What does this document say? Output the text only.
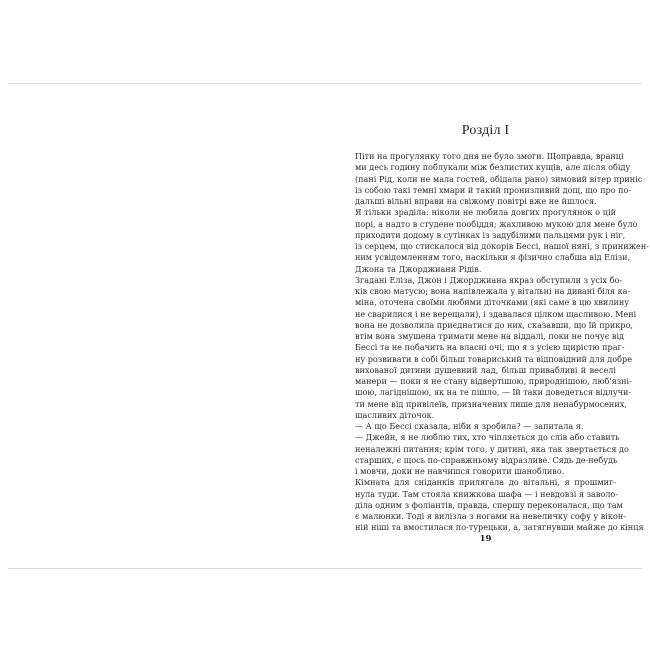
Розділ І
Піти на прогулянку того дня не було змоги. Щоправда, вранці
ми десь годину поблукали між безлистих кущів, але після обіду
(пані Рід, коли не мала гостей, обідала рано) зимовий вітер приніс
із собою такі темні хмари й такий пронизливий дощ, що про по-
дальші вільні вправи на свіжому повітрі вже не йшлося.
Я тільки зраділа: ніколи не любила довгих прогулянок о цій
порі, а надто в студене пообіддя; жахливою мукою для мене було
приходити додому в сутінках із задубілими пальцями рук і ніг,
із серцем, що стискалося від докорів Бессі, нашої няні, з принижен-
ним усвідомленням того, наскільки я фізично слабша від Елізи,
Джона та Джорджиани Рідів.
Згадані Еліза, Джон і Джорджиана якраз обступили з усіх бо-
ків свою матусю; вона напівлежала у вітальні на дивані біля ка-
міна, оточена своїми любими діточками (які саме в цю хвилину
не сварилися і не верещали), і здавалася цілком щасливою. Мені
вона не дозволила приєднатися до них, сказавши, що їй прикро,
втім вона змушена тримати мене на віддалі, поки не почує від
Бессі та не побачить на власні очі, що я з усією щирістю праг-
ну розвивати в собі більш товариський та відповідний для добре
вихованої дитини душевний лад, більш привабливі й веселі
манери — поки я не стану відвертішою, природнішою, люб'язні-
шою, лагіднішою, як на те пішло, — їй таки доведеться відлучи-
ти мене від привілеїв, призначених лише для ненабурмосених,
щасливих діточок.
— А що Бессі сказала, ніби я зробила? — запитала я.
— Джейн, я не люблю тих, хто чіпляється до слів або ставить
неналежні питання; крім того, у дитині, яка так звертається до
старших, є щось по-справжньому відразливе. Сядь де-небудь
і мовчи, доки не навчишся говорити шанобливо.
Кімната для сніданків прилягала до вітальні, я прошмиг-
нула туди. Там стояла книжкова шафа — і невдовзі я заволо-
діла одним з фоліантів, правда, спершу переконалася, що там
є малюнки. Тоді я вилізла з ногами на невеличку софу у вікон-
ній ніші та вмостилася по-турецьки, а, затягнувши майже до кінця
19
